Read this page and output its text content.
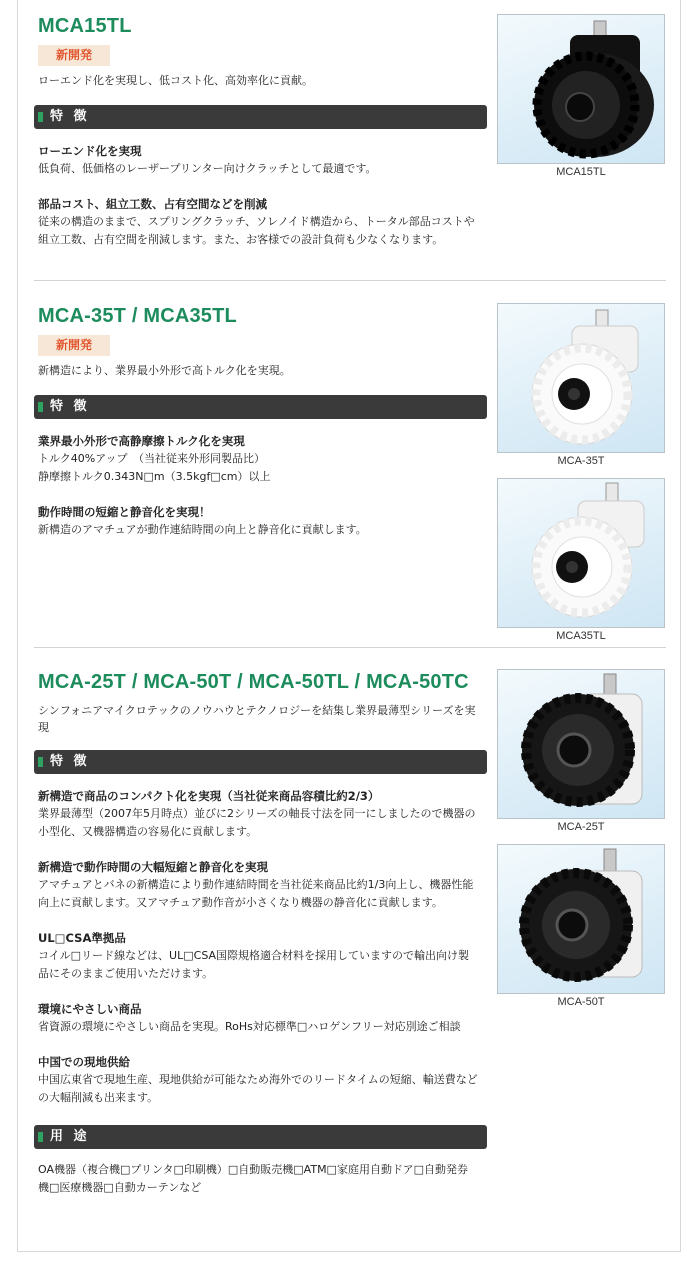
MCA15TL
新開発

ローエンド化を実現し、低コスト化、高効率化に貢献。

特 徴

ローエンド化を実現

低負荷、低価格のレーザープリンター向けクラッチとして最適です。

部品コスト、組立工数、占有空間などを削減

従来の構造のままで、スプリングクラッチ、ソレノイド構造から、トータル部品コストや組立工数、占有空間を削減します。また、お客様での設計負荷も少なくなります。

MCA15TL
MCA-35T / MCA35TL
新開発

新構造により、業界最小外形で高トルク化を実現。

特 徴

業界最小外形で高静摩擦トルク化を実現

トルク40%アップ　（当社従来外形同製品比）
静摩擦トルク0.343N□m（3.5kgf□cm）以上

動作時間の短縮と静音化を実現！

新構造のアマチュアが動作連結時間の向上と静音化に貢献します。

MCA-35T
MCA35TL
MCA-25T / MCA-50T / MCA-50TL / MCA-50TC

シンフォニアマイクロテックのノウハウとテクノロジーを結集し業界最薄型シリーズを実現

特 徴

新構造で商品のコンパクト化を実現（当社従来商品容積比約2/3）

業界最薄型（2007年5月時点）並びに2シリーズの軸長寸法を同一にしましたので機器の小型化、又機器構造の容易化に貢献します。

新構造で動作時間の大幅短縮と静音化を実現

アマチュアとバネの新構造により動作連結時間を当社従来商品比約1/3向上し、機器性能向上に貢献します。又アマチュア動作音が小さくなり機器の静音化に貢献します。

UL□CSA準拠品

コイル□リード線などは、UL□CSA国際規格適合材料を採用していますので輸出向け製品にそのままご使用いただけます。

環境にやさしい商品

省資源の環境にやさしい商品を実現。RoHs対応標準□ハロゲンフリー対応別途ご相談

中国での現地供給

中国広東省で現地生産、現地供給が可能なため海外でのリードタイムの短縮、輸送費などの大幅削減も出来ます。

用 途

OA機器（複合機□プリンタ□印刷機）□自動販売機□ATM□家庭用自動ドア□自動発券機□医療機器□自動カーテンなど

MCA-25T
MCA-50T
